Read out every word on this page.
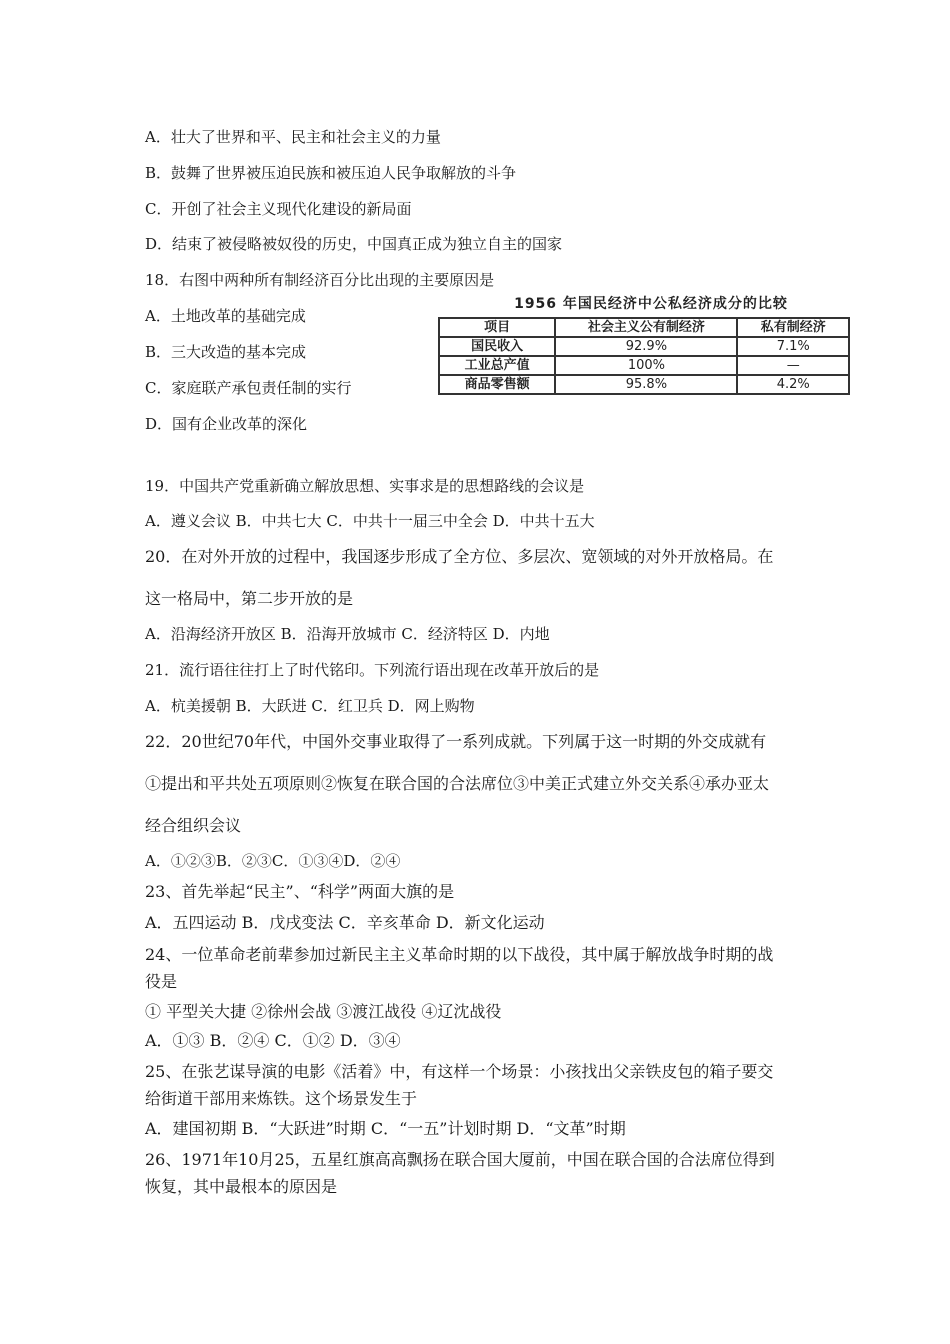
A．壮大了世界和平、民主和社会主义的力量
B．鼓舞了世界被压迫民族和被压迫人民争取解放的斗争
C．开创了社会主义现代化建设的新局面
D．结束了被侵略被奴役的历史，中国真正成为独立自主的国家
18．右图中两种所有制经济百分比出现的主要原因是
A．土地改革的基础完成
B．三大改造的基本完成
C．家庭联产承包责任制的实行
D．国有企业改革的深化
19．中国共产党重新确立解放思想、实事求是的思想路线的会议是
A．遵义会议 B．中共七大 C．中共十一届三中全会 D．中共十五大
20．在对外开放的过程中，我国逐步形成了全方位、多层次、宽领域的对外开放格局。在
这一格局中，第二步开放的是
A．沿海经济开放区 B．沿海开放城市 C．经济特区 D．内地
21．流行语往往打上了时代铭印。下列流行语出现在改革开放后的是
A．杭美援朝 B．大跃进 C．红卫兵 D．网上购物
22．20世纪70年代，中国外交事业取得了一系列成就。下列属于这一时期的外交成就有
①提出和平共处五项原则②恢复在联合国的合法席位③中美正式建立外交关系④承办亚太
经合组织会议
A．①②③B．②③C．①③④D．②④
23、首先举起“民主”、“科学”两面大旗的是
A．五四运动 B．戊戌变法 C．辛亥革命 D．新文化运动
24、一位革命老前辈参加过新民主主义革命时期的以下战役，其中属于解放战争时期的战
役是
① 平型关大捷 ②徐州会战 ③渡江战役 ④辽沈战役
A．①③ B．②④ C．①② D．③④
25、在张艺谋导演的电影《活着》中，有这样一个场景：小孩找出父亲铁皮包的箱子要交
给街道干部用来炼铁。这个场景发生于
A．建国初期 B．“大跃进”时期 C．“一五”计划时期 D．“文革”时期
26、1971年10月25，五星红旗高高飘扬在联合国大厦前，中国在联合国的合法席位得到
恢复，其中最根本的原因是
1956 年国民经济中公私经济成分的比较
项目	社会主义公有制经济	私有制经济
国民收入	92.9%	7.1%
工业总产值	100%	—
商品零售额	95.8%	4.2%
